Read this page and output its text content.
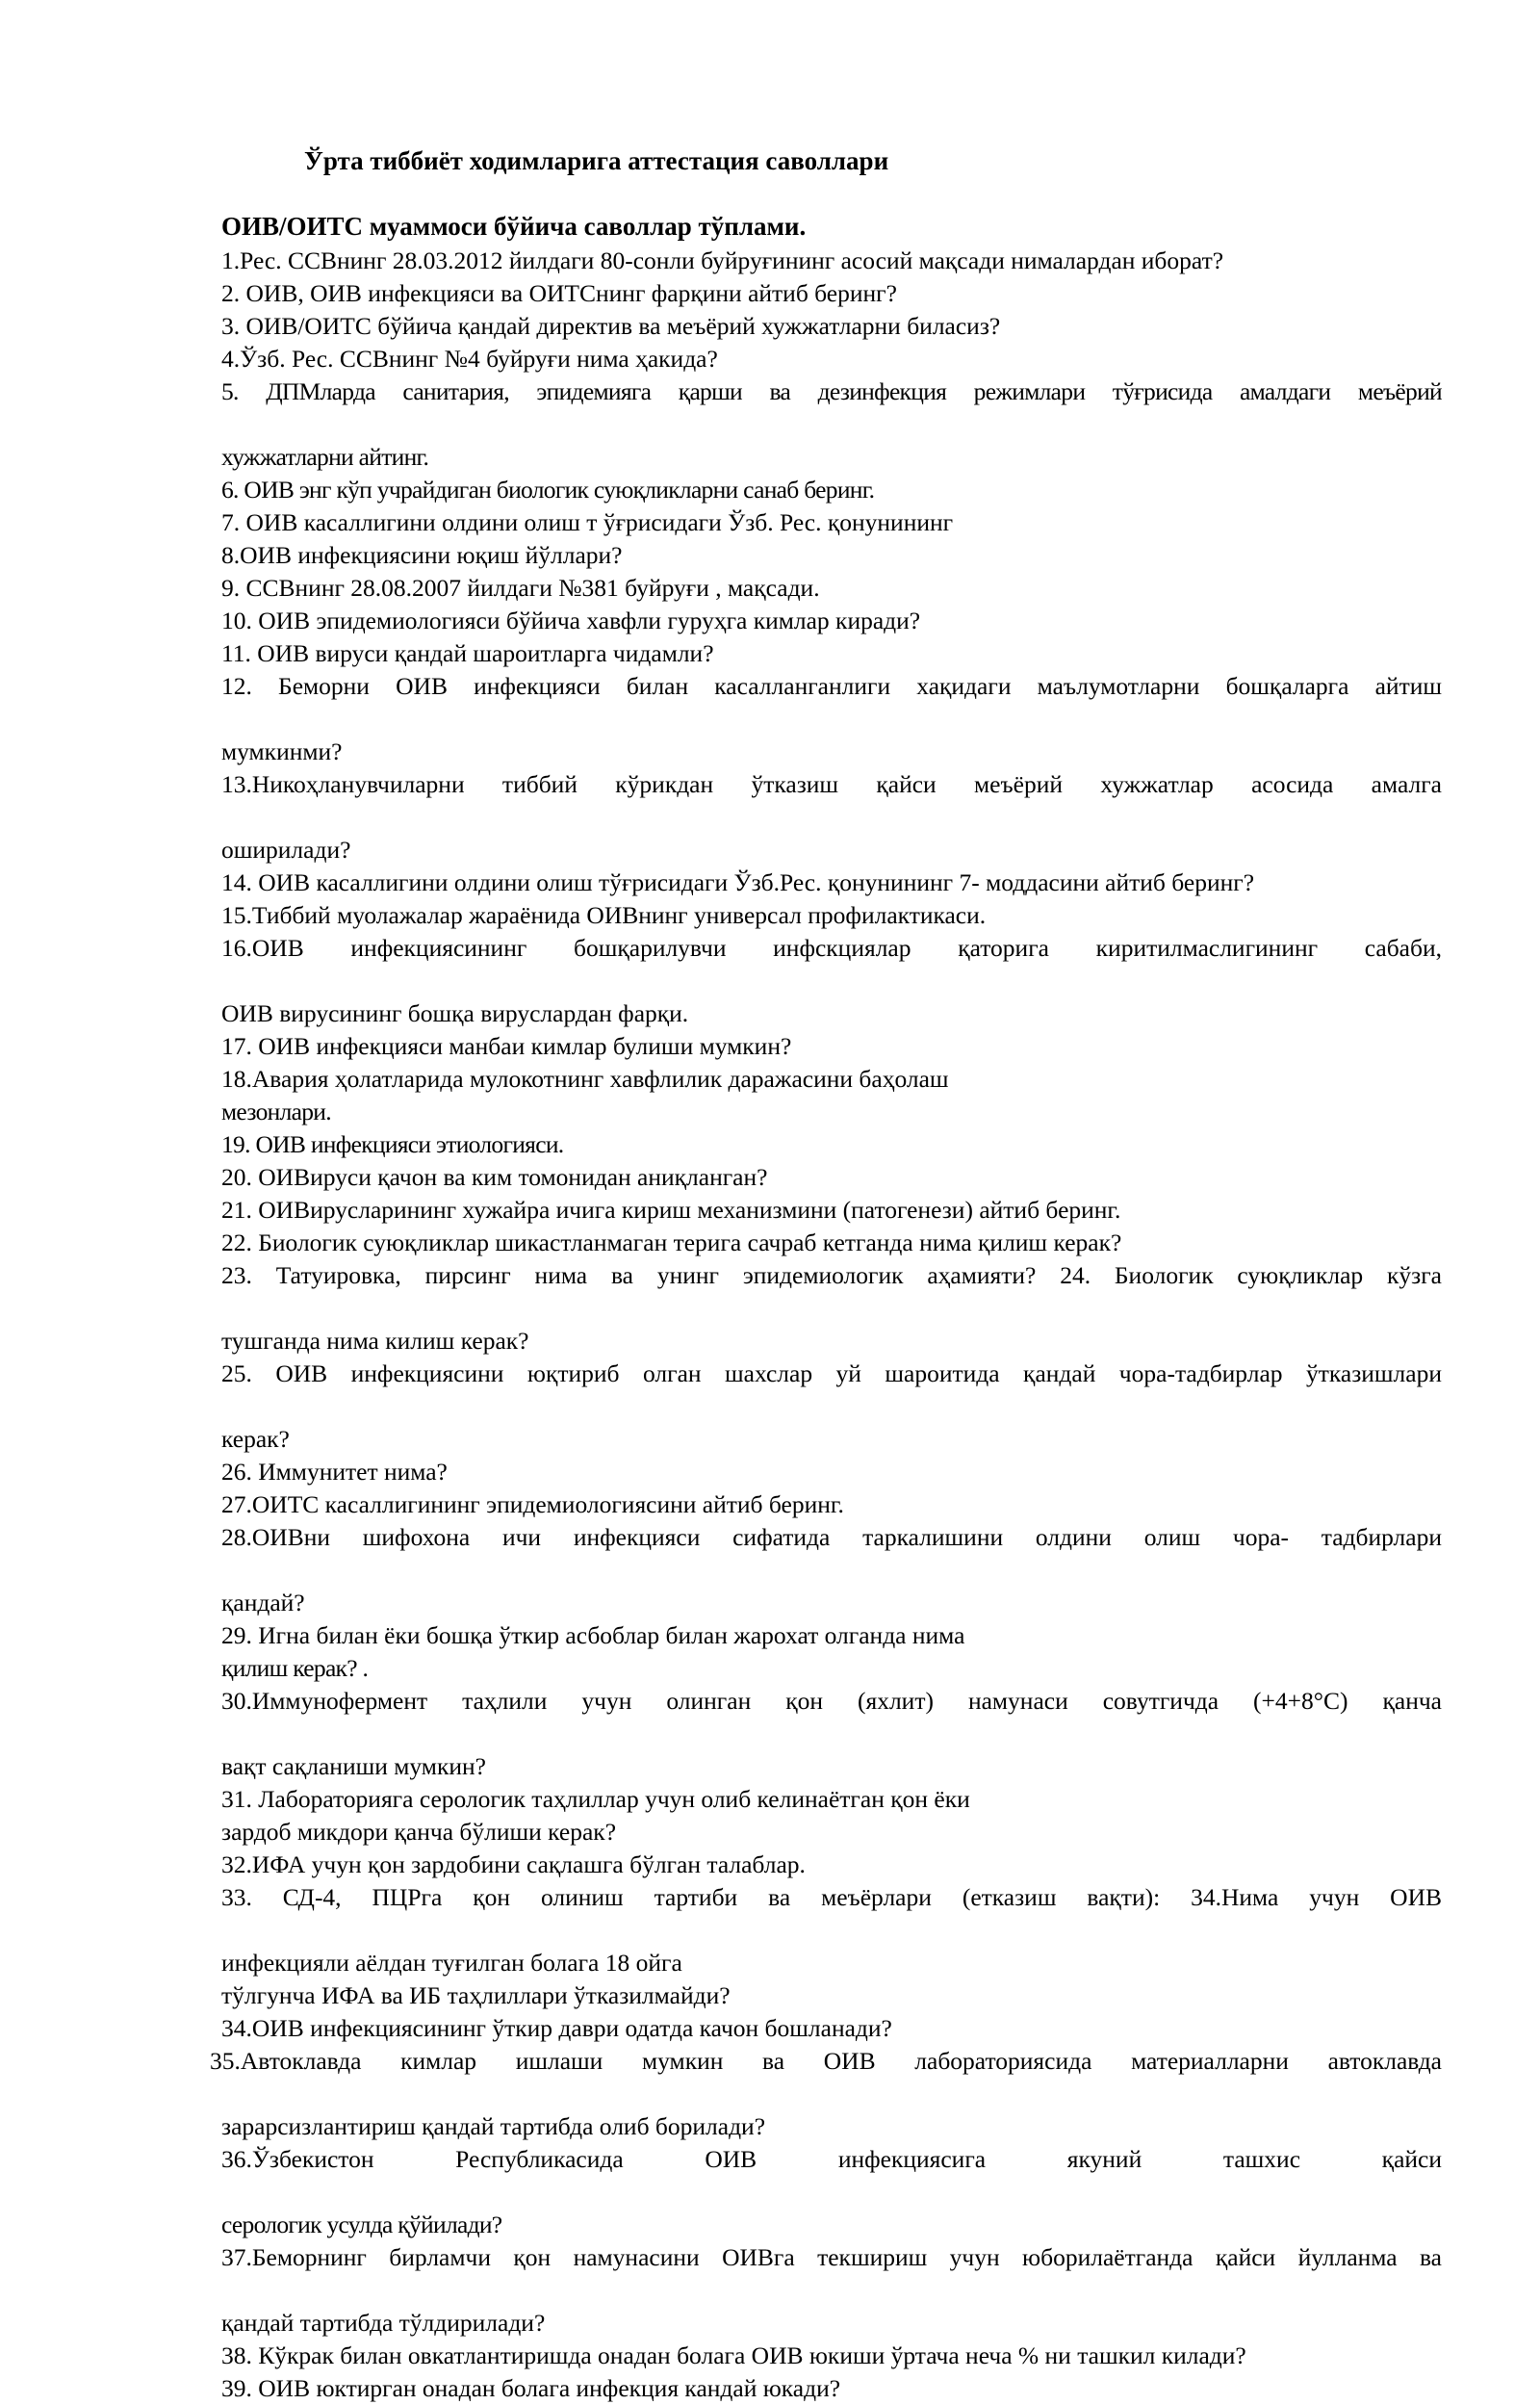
Ўрта тиббиёт ходимларига аттестация саволлари
ОИВ/ОИТС муаммоси бўйича саволлар тўплами.

1.Рес. ССВнинг 28.03.2012 йилдаги 80-сонли буйруғининг асосий мақсади нималардан иборат?

2. ОИВ, ОИВ инфекцияси ва ОИТСнинг фарқини айтиб беринг?

3. ОИВ/ОИТС бўйича қандай директив ва меъёрий хужжатларни биласиз?

4.Ўзб. Рес. ССВнинг №4 буйруғи нима ҳакида?

5. ДПМларда санитария, эпидемияга қарши ва дезинфекция режимлари тўғрисида амалдаги меъёрий

хужжатларни айтинг.

6. ОИВ энг кўп учрайдиган биологик суюқликларни санаб беринг.

7. ОИВ касаллигини олдини олиш т ўғрисидаги Ўзб. Рес. қонунининг

8.ОИВ инфекциясини юқиш йўллари?

9. ССВнинг 28.08.2007 йилдаги №381 буйруғи , мақсади.

10. ОИВ эпидемиологияси бўйича хавфли гуруҳга кимлар киради?

11. ОИВ вируси қандай шароитларга чидамли?

12. Беморни ОИВ инфекцияси билан касалланганлиги хақидаги маълумотларни бошқаларга айтиш

мумкинми?

13.Никоҳланувчиларни тиббий кўрикдан ўтказиш қайси меъёрий хужжатлар асосида амалга

оширилади?

14. ОИВ касаллигини олдини олиш тўғрисидаги Ўзб.Рес. қонунининг 7- моддасини айтиб беринг?

15.Тиббий муолажалар жараёнида ОИВнинг универсал профилактикаси.

16.ОИВ инфекциясининг бошқарилувчи инфскциялар қаторига киритилмаслигининг сабаби,

ОИВ вирусининг бошқа вируслардан фарқи.

17. ОИВ инфекцияси манбаи кимлар булиши мумкин?

18.Авария ҳолатларида мулокотнинг хавфлилик даражасини баҳолаш

мезонлари.

19. ОИВ инфекцияси этиологияси.

20. ОИВируси қачон ва ким томонидан аниқланган?

21. ОИВирусларининг хужайра ичига кириш механизмини (патогенези) айтиб беринг.

22. Биологик суюқликлар шикастланмаган терига сачраб кетганда нима қилиш керак?

23. Татуировка, пирсинг нима ва унинг эпидемиологик аҳамияти? 24. Биологик суюқликлар кўзга

тушганда нима килиш керак?

25. ОИВ инфекциясини юқтириб олган шахслар уй шароитида қандай чора-тадбирлар ўтказишлари

керак?

26. Иммунитет нима?

27.ОИТС касаллигининг эпидемиологиясини айтиб беринг.

28.ОИВни шифохона ичи инфекцияси сифатида таркалишини олдини олиш чора- тадбирлари

қандай?

29. Игна билан ёки бошқа ўткир асбоблар билан жарохат олганда нима

қилиш керак? .

30.Иммунофермент таҳлили учун олинган қон (яхлит) намунаси совутгичда (+4+8°С) қанча

вақт сақланиши мумкин?

31. Лабораторияга серологик таҳлиллар учун олиб келинаётган қон ёки

зардоб микдори қанча бўлиши керак?

32.ИФА учун қон зардобини сақлашга бўлган талаблар.

33. СД-4, ПЦРга қон олиниш тартиби ва меъёрлари (етказиш вақти): 34.Нима учун ОИВ

инфекцияли аёлдан туғилган болага 18 ойга

тўлгунча ИФА ва ИБ таҳлиллари ўтказилмайди?

34.ОИВ инфекциясининг ўткир даври одатда качон бошланади?

35.Автоклавда кимлар ишлаши мумкин ва ОИВ лабораториясида материалларни автоклавда

зарарсизлантириш қандай тартибда олиб борилади?

36.Ўзбекистон Республикасида ОИВ инфекциясига якуний ташхис қайси

серологик усулда қўйилади?

37.Беморнинг бирламчи қон намунасини ОИВга текшириш учун юборилаётганда қайси йулланма ва

қандай тартибда тўлдирилади?

38. Кўкрак билан овкатлантиришда онадан болага ОИВ юкиши ўртача неча % ни ташкил килади?

39. ОИВ юктирган онадан болага инфекция кандай юкади?
